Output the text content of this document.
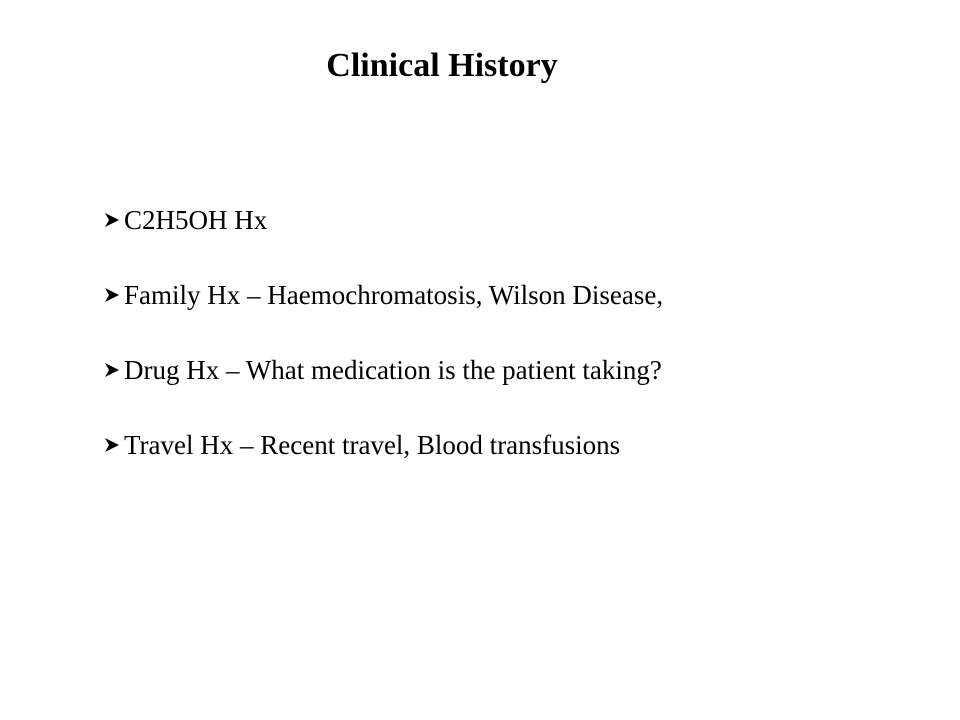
Clinical History
C2H5OH Hx
Family Hx – Haemochromatosis, Wilson Disease,
Drug Hx – What medication is the patient taking?
Travel Hx – Recent travel, Blood transfusions
